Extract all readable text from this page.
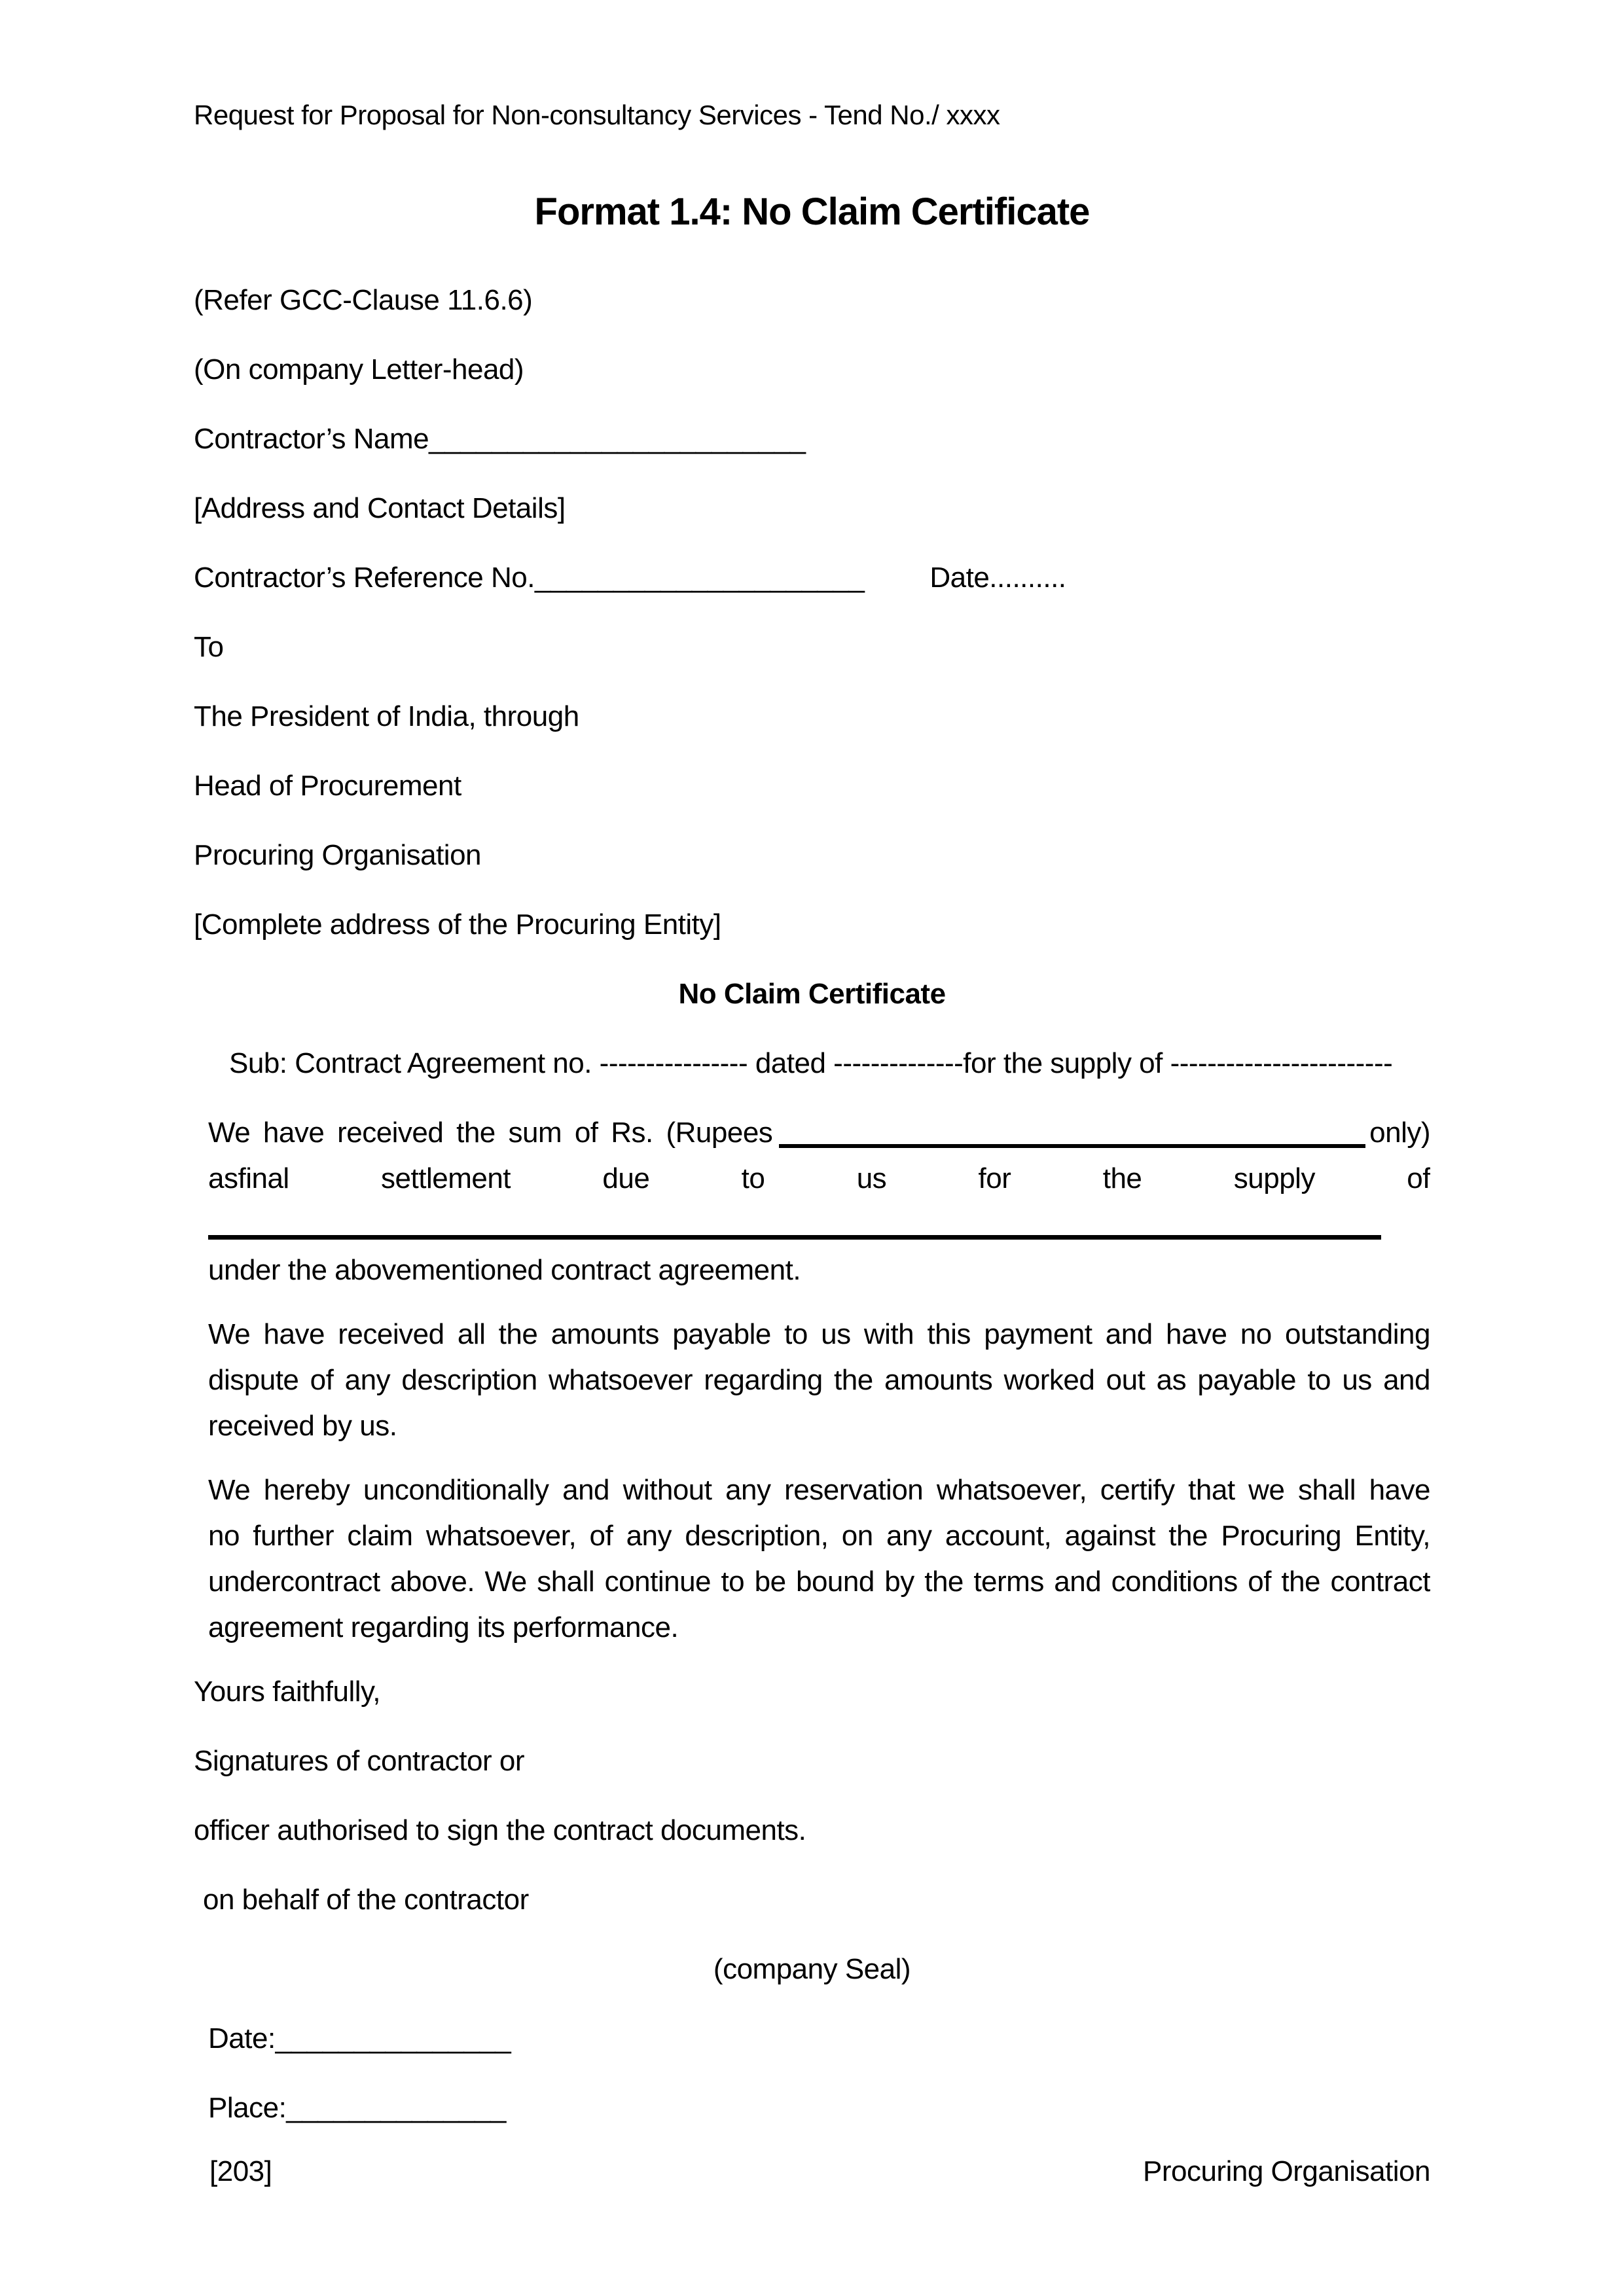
Request for Proposal for Non-consultancy Services - Tend No./ xxxx
Format 1.4: No Claim Certificate
(Refer GCC-Clause 11.6.6)
(On company Letter-head)
Contractor’s Name________________________
[Address and Contact Details]
Contractor’s Reference No._____________________ Date..........
To
The President of India, through
Head of Procurement
Procuring Organisation
[Complete address of the Procuring Entity]
No Claim Certificate
Sub: Contract Agreement no. ---------------- dated --------------for the supply of ------------------------
We have received the sum of Rs. (Rupees	only)
asfinal settlement due to us for the supply of
under the abovementioned contract agreement.
We have received all the amounts payable to us with this payment and have no outstanding
dispute of any description whatsoever regarding the amounts worked out as payable to us and
received by us.
We hereby unconditionally and without any reservation whatsoever, certify that we shall have
no further claim whatsoever, of any description, on any account, against the Procuring Entity,
undercontract above. We shall continue to be bound by the terms and conditions of the contract
agreement regarding its performance.
Yours faithfully,
Signatures of contractor or
officer authorised to sign the contract documents.
on behalf of the contractor
(company Seal)
Date:_______________
Place:______________
[203]	Procuring Organisation
